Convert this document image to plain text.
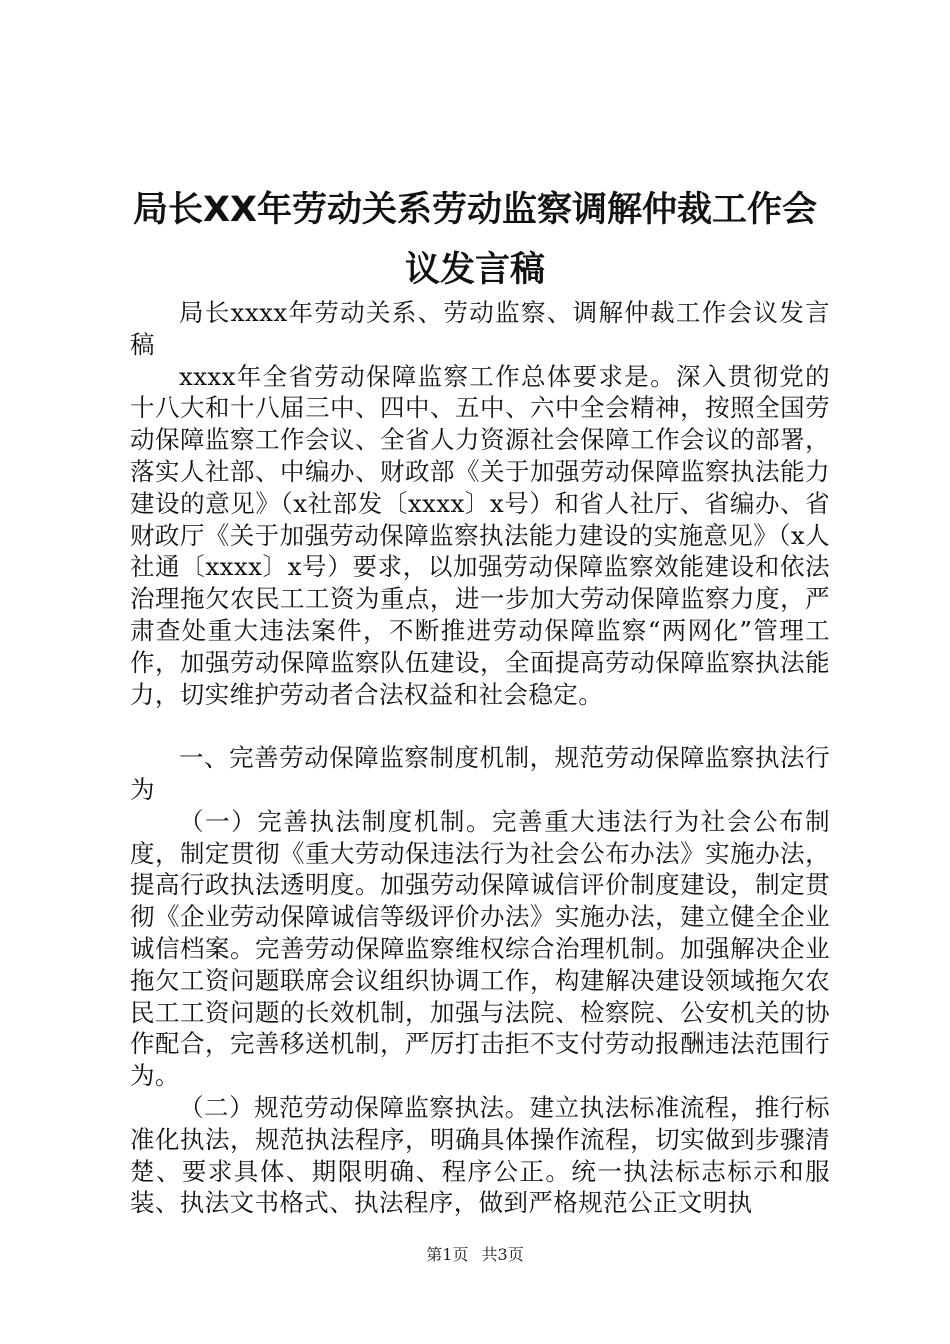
局长XX年劳动关系劳动监察调解仲裁工作会
议发言稿

局长xxxx年劳动关系、劳动监察、调解仲裁工作会议发言稿

xxxx年全省劳动保障监察工作总体要求是。深入贯彻党的十八大和十八届三中、四中、五中、六中全会精神，按照全国劳动保障监察工作会议、全省人力资源社会保障工作会议的部署，落实人社部、中编办、财政部《关于加强劳动保障监察执法能力建设的意见》（x社部发〔xxxx〕x号）和省人社厅、省编办、省财政厅《关于加强劳动保障监察执法能力建设的实施意见》（x人社通〔xxxx〕x号）要求，以加强劳动保障监察效能建设和依法治理拖欠农民工工资为重点，进一步加大劳动保障监察力度，严肃查处重大违法案件，不断推进劳动保障监察“两网化”管理工作，加强劳动保障监察队伍建设，全面提高劳动保障监察执法能力，切实维护劳动者合法权益和社会稳定。

一、完善劳动保障监察制度机制，规范劳动保障监察执法行为

（一）完善执法制度机制。完善重大违法行为社会公布制度，制定贯彻《重大劳动保违法行为社会公布办法》实施办法，提高行政执法透明度。加强劳动保障诚信评价制度建设，制定贯彻《企业劳动保障诚信等级评价办法》实施办法，建立健全企业诚信档案。完善劳动保障监察维权综合治理机制。加强解决企业拖欠工资问题联席会议组织协调工作，构建解决建设领域拖欠农民工工资问题的长效机制，加强与法院、检察院、公安机关的协作配合，完善移送机制，严厉打击拒不支付劳动报酬违法范围行为。

（二）规范劳动保障监察执法。建立执法标准流程，推行标准化执法，规范执法程序，明确具体操作流程，切实做到步骤清楚、要求具体、期限明确、程序公正。统一执法标志标示和服装、执法文书格式、执法程序，做到严格规范公正文明执

第1页 共3页
